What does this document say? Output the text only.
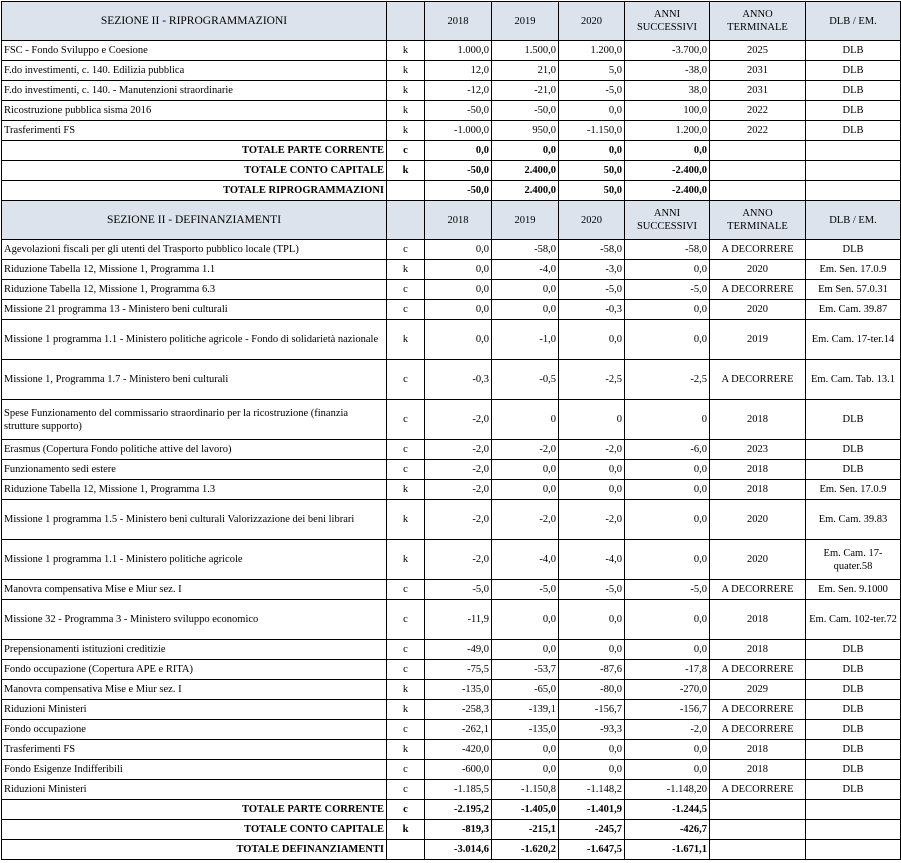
SEZIONE II - RIPROGRAMMAZIONI		2018	2019	2020	ANNI SUCCESSIVI	ANNO TERMINALE	DLB / EM.
FSC - Fondo Sviluppo e Coesione	k	1.000,0	1.500,0	1.200,0	-3.700,0	2025	DLB
F.do investimenti, c. 140. Edilizia pubblica	k	12,0	21,0	5,0	-38,0	2031	DLB
F.do investimenti, c. 140. - Manutenzioni straordinarie	k	-12,0	-21,0	-5,0	38,0	2031	DLB
Ricostruzione pubblica sisma 2016	k	-50,0	-50,0	0,0	100,0	2022	DLB
Trasferimenti FS	k	-1.000,0	950,0	-1.150,0	1.200,0	2022	DLB
TOTALE PARTE CORRENTE	c	0,0	0,0	0,0	0,0		
TOTALE CONTO CAPITALE	k	-50,0	2.400,0	50,0	-2.400,0		
TOTALE RIPROGRAMMAZIONI		-50,0	2.400,0	50,0	-2.400,0		
SEZIONE II - DEFINANZIAMENTI		2018	2019	2020	ANNI SUCCESSIVI	ANNO TERMINALE	DLB / EM.
Agevolazioni fiscali per gli utenti del Trasporto pubblico locale (TPL)	c	0,0	-58,0	-58,0	-58,0	A DECORRERE	DLB
Riduzione Tabella 12, Missione 1, Programma 1.1	k	0,0	-4,0	-3,0	0,0	2020	Em. Sen. 17.0.9
Riduzione Tabella 12, Missione 1, Programma 6.3	c	0,0	0,0	-5,0	-5,0	A DECORRERE	Em Sen. 57.0.31
Missione 21 programma 13 - Ministero beni culturali	c	0,0	0,0	-0,3	0,0	2020	Em. Cam. 39.87
Missione 1 programma 1.1 - Ministero politiche agricole - Fondo di solidarietà nazionale	k	0,0	-1,0	0,0	0,0	2019	Em. Cam. 17-ter.14
Missione 1, Programma 1.7 - Ministero beni culturali	c	-0,3	-0,5	-2,5	-2,5	A DECORRERE	Em. Cam. Tab. 13.1
Spese Funzionamento del commissario straordinario per la ricostruzione (finanzia strutture supporto)	c	-2,0	0	0	0	2018	DLB
Erasmus (Copertura Fondo politiche attive del lavoro)	c	-2,0	-2,0	-2,0	-6,0	2023	DLB
Funzionamento sedi estere	c	-2,0	0,0	0,0	0,0	2018	DLB
Riduzione Tabella 12, Missione 1, Programma 1.3	k	-2,0	0,0	0,0	0,0	2018	Em. Sen. 17.0.9
Missione 1 programma 1.5 - Ministero beni culturali Valorizzazione dei beni librari	k	-2,0	-2,0	-2,0	0,0	2020	Em. Cam. 39.83
Missione 1 programma 1.1 - Ministero politiche agricole	k	-2,0	-4,0	-4,0	0,0	2020	Em. Cam. 17-quater.58
Manovra compensativa Mise e Miur sez. I	c	-5,0	-5,0	-5,0	-5,0	A DECORRERE	Em. Sen. 9.1000
Missione 32 - Programma 3 - Ministero sviluppo economico	c	-11,9	0,0	0,0	0,0	2018	Em. Cam. 102-ter.72
Prepensionamenti istituzioni creditizie	c	-49,0	0,0	0,0	0,0	2018	DLB
Fondo occupazione (Copertura APE e RITA)	c	-75,5	-53,7	-87,6	-17,8	A DECORRERE	DLB
Manovra compensativa Mise e Miur sez. I	k	-135,0	-65,0	-80,0	-270,0	2029	DLB
Riduzioni Ministeri	k	-258,3	-139,1	-156,7	-156,7	A DECORRERE	DLB
Fondo occupazione	c	-262,1	-135,0	-93,3	-2,0	A DECORRERE	DLB
Trasferimenti FS	k	-420,0	0,0	0,0	0,0	2018	DLB
Fondo Esigenze Indifferibili	c	-600,0	0,0	0,0	0,0	2018	DLB
Riduzioni Ministeri	c	-1.185,5	-1.150,8	-1.148,2	-1.148,20	A DECORRERE	DLB
TOTALE PARTE CORRENTE	c	-2.195,2	-1.405,0	-1.401,9	-1.244,5		
TOTALE CONTO CAPITALE	k	-819,3	-215,1	-245,7	-426,7		
TOTALE DEFINANZIAMENTI		-3.014,6	-1.620,2	-1.647,5	-1.671,1		
